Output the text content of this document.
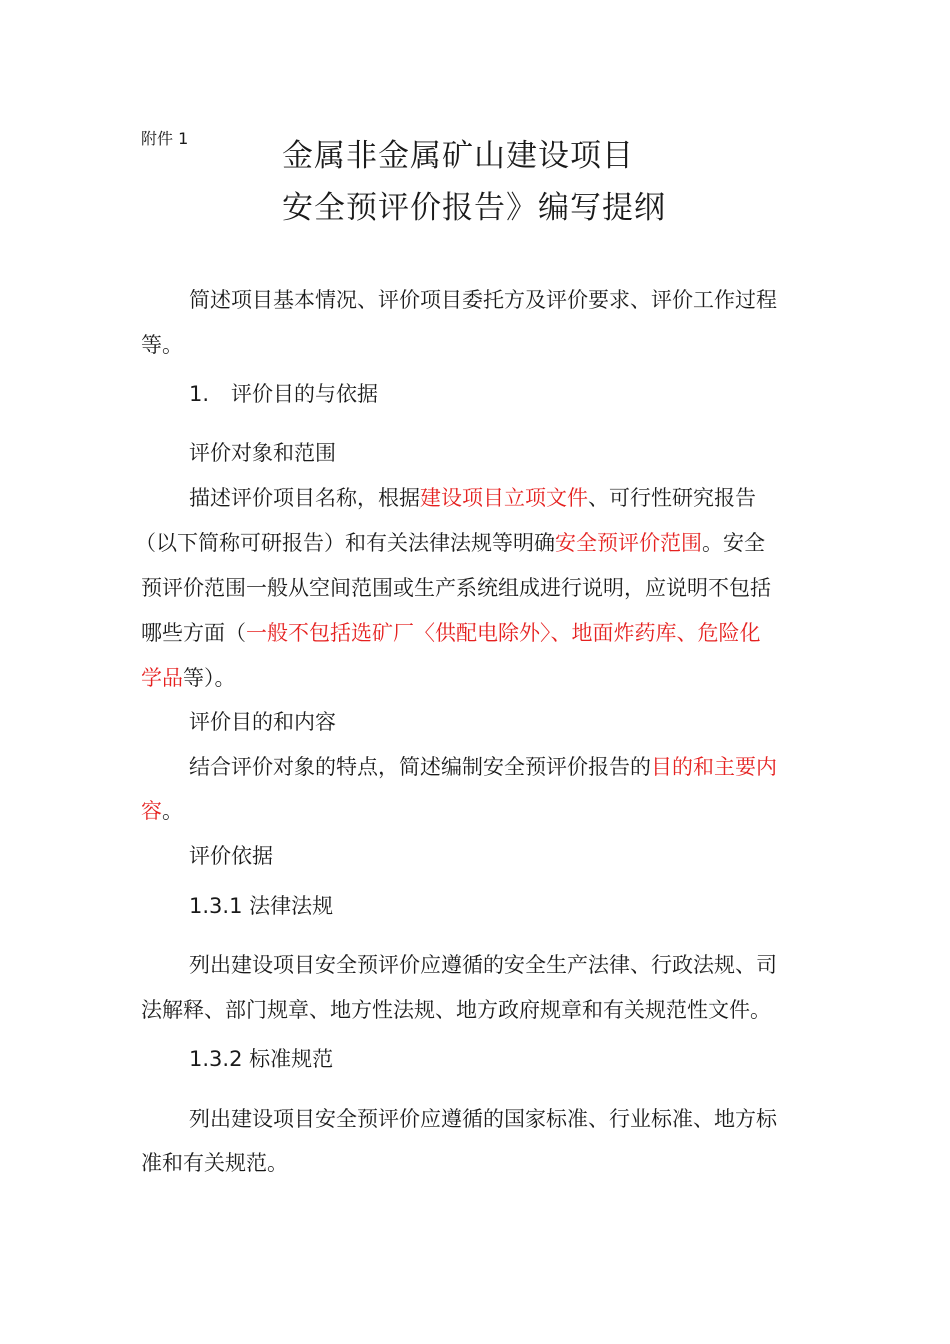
附件 1	金属非金属矿山建设项目
安全预评价报告》编写提纲
简述项目基本情况、评价项目委托方及评价要求、评价工作过程
等。
1. 评价目的与依据
评价对象和范围
描述评价项目名称，根据建设项目立项文件、可行性研究报告
（以下简称可研报告）和有关法律法规等明确安全预评价范围。安全
预评价范围一般从空间范围或生产系统组成进行说明，应说明不包括
哪些方面（一般不包括选矿厂〈供配电除外〉、地面炸药库、危险化
学品等）。
评价目的和内容
结合评价对象的特点，简述编制安全预评价报告的目的和主要内
容。
评价依据
1.3.1 法律法规
列出建设项目安全预评价应遵循的安全生产法律、行政法规、司
法解释、部门规章、地方性法规、地方政府规章和有关规范性文件。
1.3.2 标准规范
列出建设项目安全预评价应遵循的国家标准、行业标准、地方标
准和有关规范。
